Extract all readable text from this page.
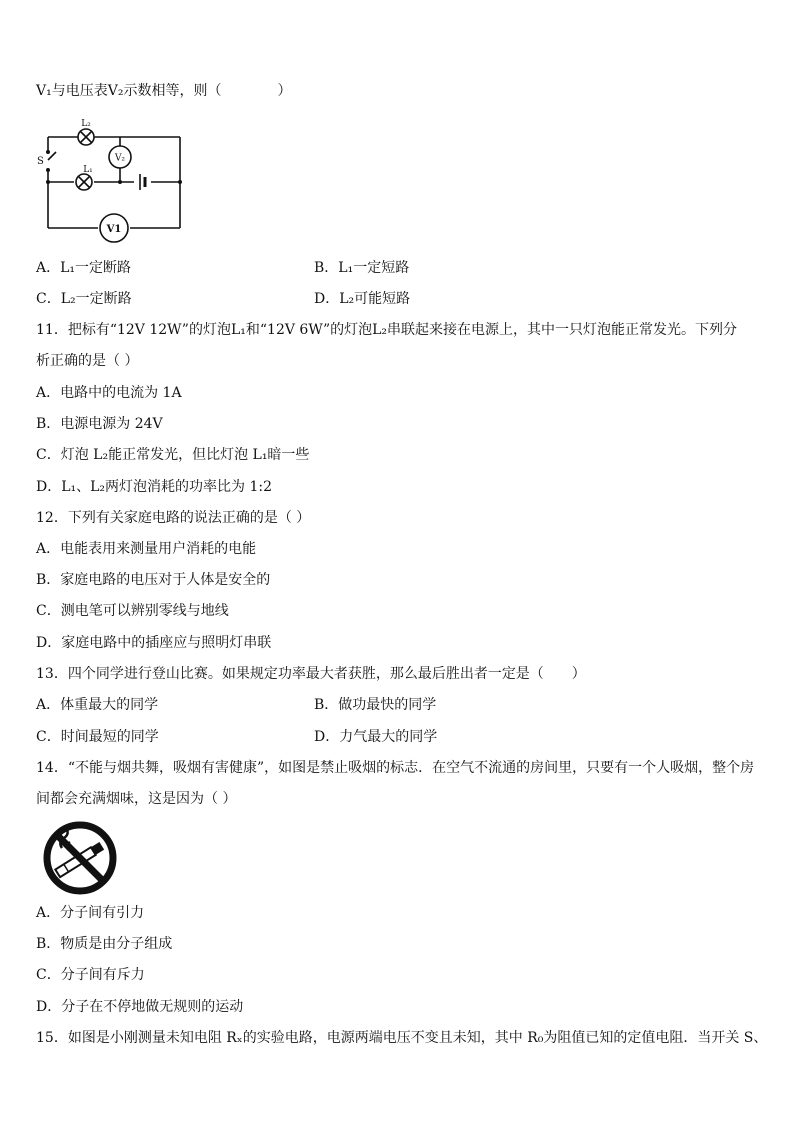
V₁与电压表V₂示数相等，则（　　　　）
L₂
L₁
S	V₂
V1
A．L₁一定断路	B．L₁一定短路
C．L₂一定断路	D．L₂可能短路
11．把标有“12V 12W”的灯泡L₁和“12V 6W”的灯泡L₂串联起来接在电源上，其中一只灯泡能正常发光。下列分
析正确的是（ ）
A．电路中的电流为 1A
B．电源电源为 24V
C．灯泡 L₂能正常发光，但比灯泡 L₁暗一些
D．L₁、L₂两灯泡消耗的功率比为 1:2
12．下列有关家庭电路的说法正确的是（ ）
A．电能表用来测量用户消耗的电能
B．家庭电路的电压对于人体是安全的
C．测电笔可以辨别零线与地线
D．家庭电路中的插座应与照明灯串联
13．四个同学进行登山比赛。如果规定功率最大者获胜，那么最后胜出者一定是（　　）
A．体重最大的同学	B．做功最快的同学
C．时间最短的同学	D．力气最大的同学
14．“不能与烟共舞，吸烟有害健康”，如图是禁止吸烟的标志．在空气不流通的房间里，只要有一个人吸烟，整个房
间都会充满烟味，这是因为（ ）
A．分子间有引力
B．物质是由分子组成
C．分子间有斥力
D．分子在不停地做无规则的运动
15．如图是小刚测量未知电阻 Rₓ的实验电路，电源两端电压不变且未知，其中 R₀为阻值已知的定值电阻．当开关 S、
